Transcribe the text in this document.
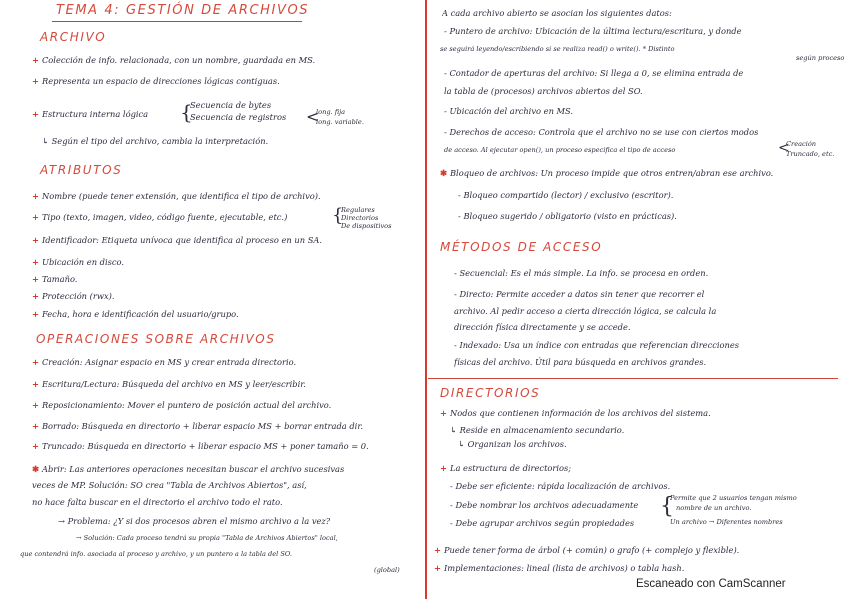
TEMA 4: GESTIÓN DE ARCHIVOS
ARCHIVO
+ Colección de info. relacionada, con un nombre, guardada en MS.
+ Representa un espacio de direcciones lógicas contiguas.
+ Estructura interna lógica {
Secuencia de bytes
Secuencia de registros <
long. fija
long. variable.
↳ Según el tipo del archivo, cambia la interpretación.
ATRIBUTOS
+ Nombre (puede tener extensión, que identifica el tipo de archivo).
+ Tipo (texto, imagen, video, código fuente, ejecutable, etc.) {
Regulares
Directorios
De dispositivos
+ Identificador: Etiqueta unívoca que identifica al proceso en un SA.
+ Ubicación en disco.
+ Tamaño.
+ Protección (rwx).
+ Fecha, hora e identificación del usuario/grupo.
OPERACIONES SOBRE ARCHIVOS
+ Creación: Asignar espacio en MS y crear entrada directorio.
+ Escritura/Lectura: Búsqueda del archivo en MS y leer/escribir.
+ Reposicionamiento: Mover el puntero de posición actual del archivo.
+ Borrado: Búsqueda en directorio + liberar espacio MS + borrar entrada dir.
+ Truncado: Búsqueda en directorio + liberar espacio MS + poner tamaño = 0.
✱ Abrir: Las anteriores operaciones necesitan buscar el archivo sucesivas
veces de MP. Solución: SO crea "Tabla de Archivos Abiertos", así,
no hace falta buscar en el directorio el archivo todo el rato.
→ Problema: ¿Y si dos procesos abren el mismo archivo a la vez?
→ Solución: Cada proceso tendrá su propia "Tabla de Archivos Abiertos" local,
que contendrá info. asociada al proceso y archivo, y un puntero a la tabla del SO.
(global)
A cada archivo abierto se asocian los siguientes datos:
- Puntero de archivo: Ubicación de la última lectura/escritura, y donde
se seguirá leyendo/escribiendo si se realiza read() o write(). * Distinto
según proceso
- Contador de aperturas del archivo: Si llega a 0, se elimina entrada de
la tabla de (procesos) archivos abiertos del SO.
- Ubicación del archivo en MS.
- Derechos de acceso: Controla que el archivo no se use con ciertos modos
de acceso. Al ejecutar open(), un proceso especifica el tipo de acceso	<
Creación
Truncado, etc.
✱ Bloqueo de archivos: Un proceso impide que otros entren/abran ese archivo.
- Bloqueo compartido (lector) / exclusivo (escritor).
- Bloqueo sugerido / obligatorio (visto en prácticas).
MÉTODOS DE ACCESO
- Secuencial: Es el más simple. La info. se procesa en orden.
- Directo: Permite acceder a datos sin tener que recorrer el
archivo. Al pedir acceso a cierta dirección lógica, se calcula la
dirección física directamente y se accede.
- Indexado: Usa un índice con entradas que referencian direcciones
físicas del archivo. Útil para búsqueda en archivos grandes.
DIRECTORIOS
+ Nodos que contienen información de los archivos del sistema.
↳ Reside en almacenamiento secundario.
↳ Organizan los archivos.
+ La estructura de directorios;
- Debe ser eficiente: rápida localización de archivos.
- Debe nombrar los archivos adecuadamente {
Permite que 2 usuarios tengan mismo
nombre de un archivo.
Un archivo → Diferentes nombres
- Debe agrupar archivos según propiedades
+ Puede tener forma de árbol (+ común) o grafo (+ complejo y flexible).
+ Implementaciones: lineal (lista de archivos) o tabla hash.
Escaneado con CamScanner
